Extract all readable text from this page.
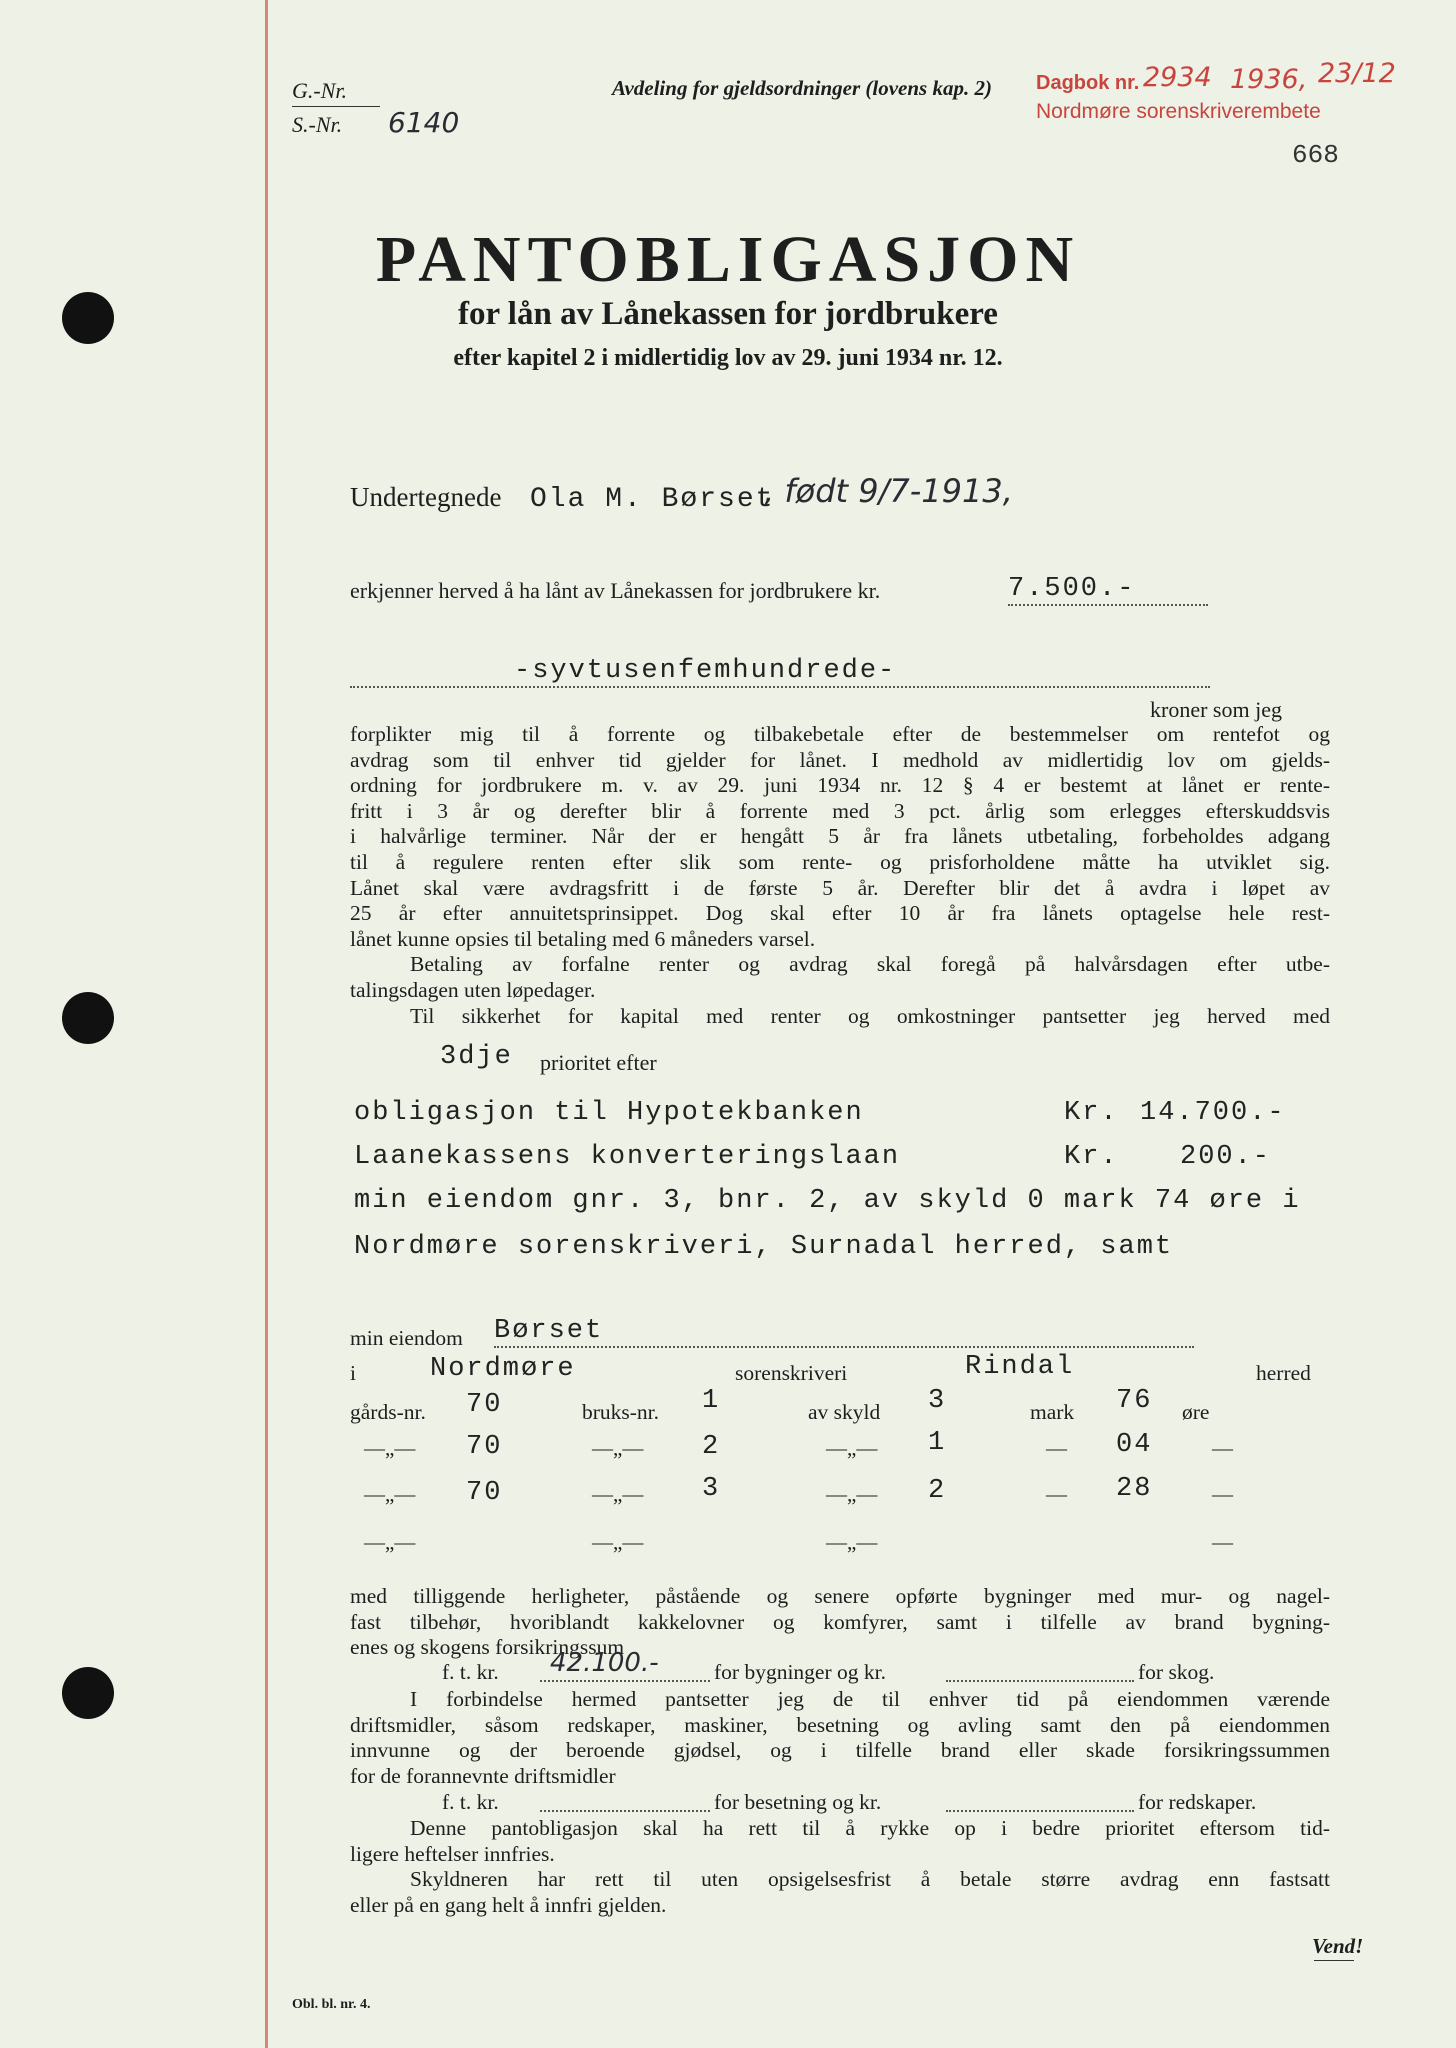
G.-Nr.
S.-Nr. 6140
Avdeling for gjeldsordninger (lovens kap. 2) Dagbok nr. 2934 1936, 23/12
Nordmøre sorenskriverembete
668
PANTOBLIGASJON
for lån av Lånekassen for jordbrukere
efter kapitel 2 i midlertidig lov av 29. juni 1934 nr. 12.
Undertegnede Ola M. Børset
, født 9/7-1913,
erkjenner herved å ha lånt av Lånekassen for jordbrukere kr.	7.500.-
-syvtusenfemhundrede-
kroner som jeg
forplikter mig til å forrente og tilbakebetale efter de bestemmelser om rentefot og
avdrag som til enhver tid gjelder for lånet. I medhold av midlertidig lov om gjelds-
ordning for jordbrukere m. v. av 29. juni 1934 nr. 12 § 4 er bestemt at lånet er rente-
fritt i 3 år og derefter blir å forrente med 3 pct. årlig som erlegges efterskuddsvis
i halvårlige terminer. Når der er hengått 5 år fra lånets utbetaling, forbeholdes adgang
til å regulere renten efter slik som rente- og prisforholdene måtte ha utviklet sig.
Lånet skal være avdragsfritt i de første 5 år. Derefter blir det å avdra i løpet av
25 år efter annuitetsprinsippet. Dog skal efter 10 år fra lånets optagelse hele rest-
lånet kunne opsies til betaling med 6 måneders varsel.
Betaling av forfalne renter og avdrag skal foregå på halvårsdagen efter utbe-
talingsdagen uten løpedager.
Til sikkerhet for kapital med renter og omkostninger pantsetter jeg herved med
3dje prioritet efter
obligasjon til Hypotekbanken	Kr. 14.700.-
Laanekassens konverteringslaan	Kr. 200.-
min eiendom gnr. 3, bnr. 2, av skyld 0 mark 74 øre i
Nordmøre sorenskriveri, Surnadal herred, samt
min eiendom Børset
i	Nordmøre	sorenskriveri	Rindal	herred
gårds-nr.	bruks-nr.	av skyld	mark	øre
70	1	3	76
—„— 70	—„— 2	—„— 1	— 04	—
—„— 70	—„— 3	—„— 2	— 28	—
—„—	—„—	—„—	—
med tilliggende herligheter, påstående og senere opførte bygninger med mur- og nagel-
fast tilbehør, hvoriblandt kakkelovner og komfyrer, samt i tilfelle av brand bygning-
enes og skogens forsikringssum
f. t. kr. 42.100.-	for bygninger og kr.	for skog.
I forbindelse hermed pantsetter jeg de til enhver tid på eiendommen værende
driftsmidler, såsom redskaper, maskiner, besetning og avling samt den på eiendommen
innvunne og der beroende gjødsel, og i tilfelle brand eller skade forsikringssummen
for de forannevnte driftsmidler
f. t. kr.	for besetning og kr.	for redskaper.
Denne pantobligasjon skal ha rett til å rykke op i bedre prioritet eftersom tid-
ligere heftelser innfries.
Skyldneren har rett til uten opsigelsesfrist å betale større avdrag enn fastsatt
eller på en gang helt å innfri gjelden.
Vend!
Obl. bl. nr. 4.
